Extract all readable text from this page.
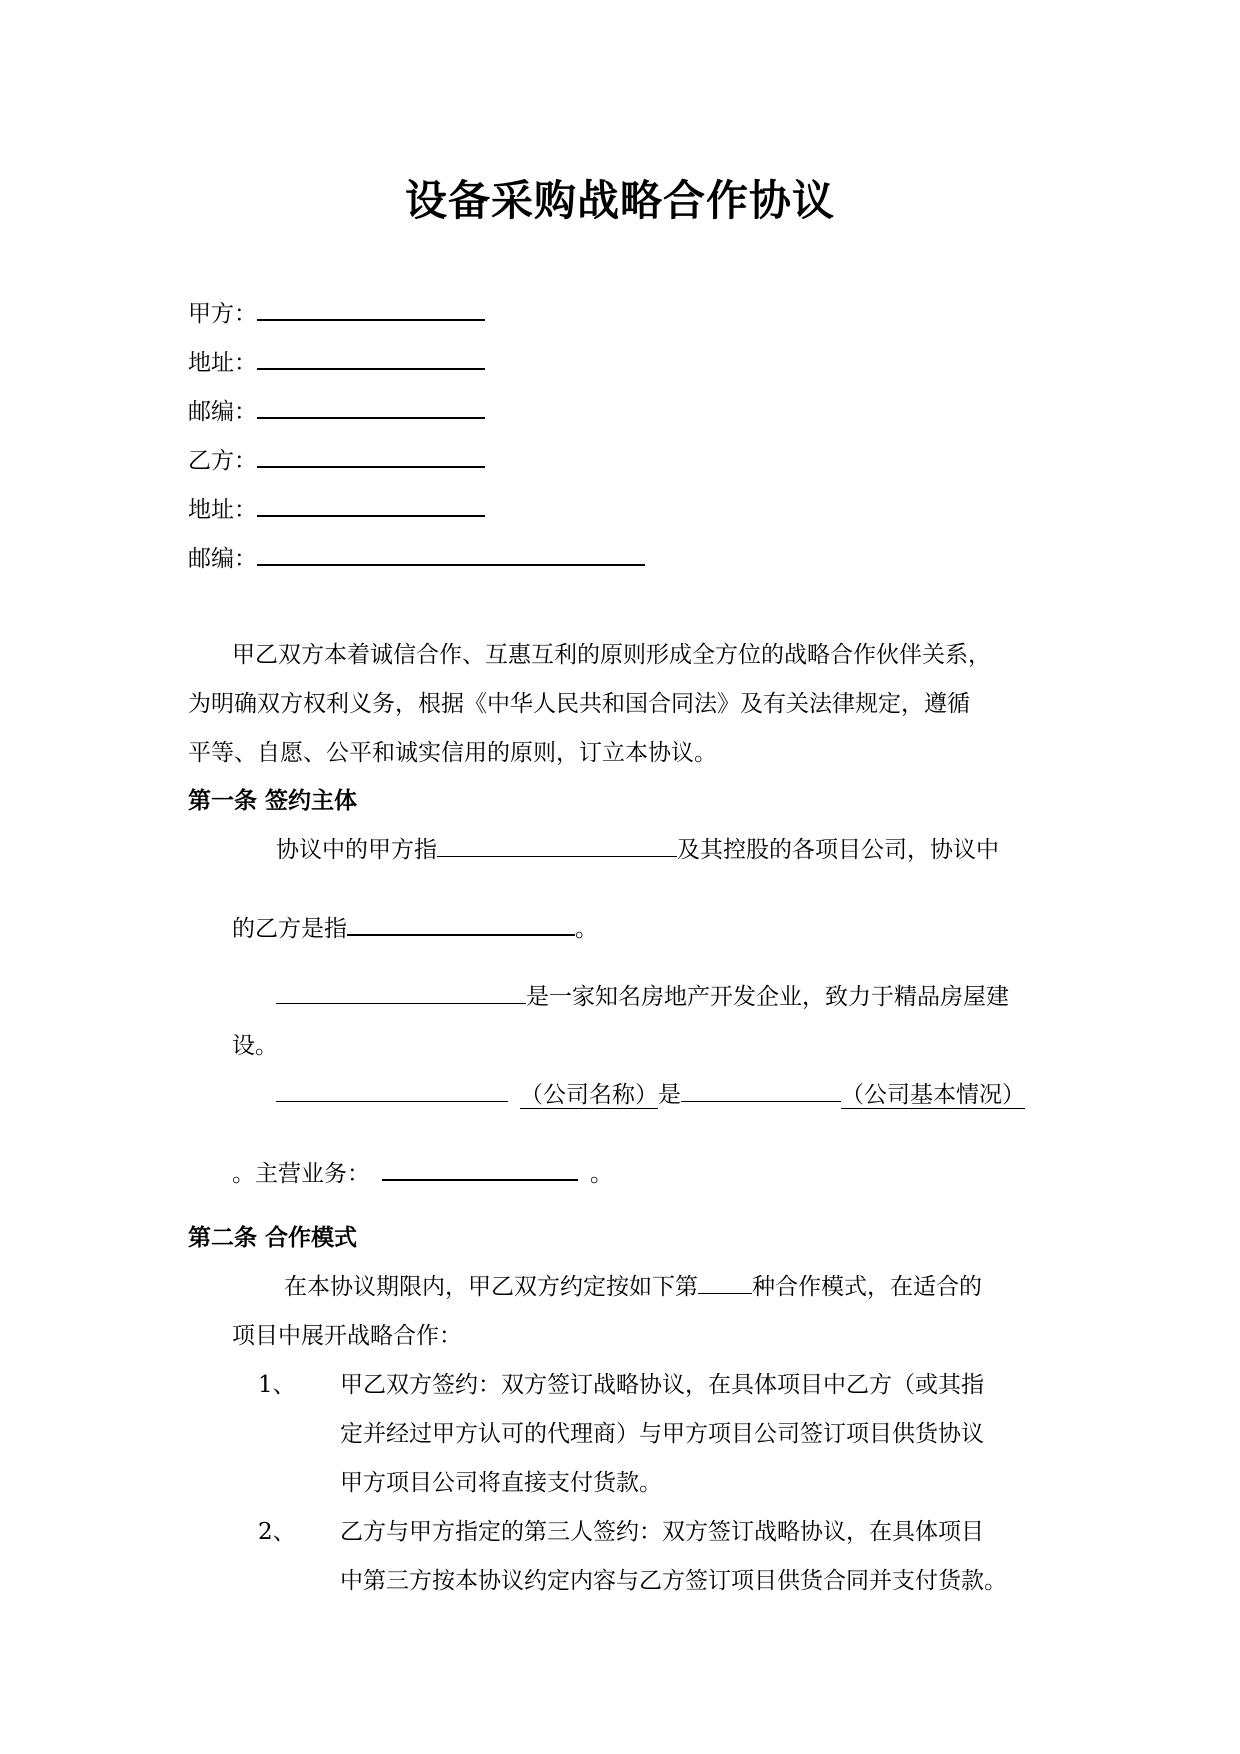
设备采购战略合作协议
甲方：
地址：
邮编：
乙方：
地址：
邮编：
甲乙双方本着诚信合作、互惠互利的原则形成全方位的战略合作伙伴关系，
为明确双方权利义务，根据《中华人民共和国合同法》及有关法律规定，遵循
平等、自愿、公平和诚实信用的原则，订立本协议。
第一条 签约主体
协议中的甲方指	及其控股的各项目公司，协议中
的乙方是指	。
是一家知名房地产开发企业，致力于精品房屋建
设。
（公司名称）是	（公司基本情况）
。主营业务：	。
第二条 合作模式
在本协议期限内，甲乙双方约定按如下第 种合作模式，在适合的
项目中展开战略合作：
1、 甲乙双方签约：双方签订战略协议，在具体项目中乙方（或其指
定并经过甲方认可的代理商）与甲方项目公司签订项目供货协议
甲方项目公司将直接支付货款。
2、 乙方与甲方指定的第三人签约：双方签订战略协议，在具体项目
中第三方按本协议约定内容与乙方签订项目供货合同并支付货款。
